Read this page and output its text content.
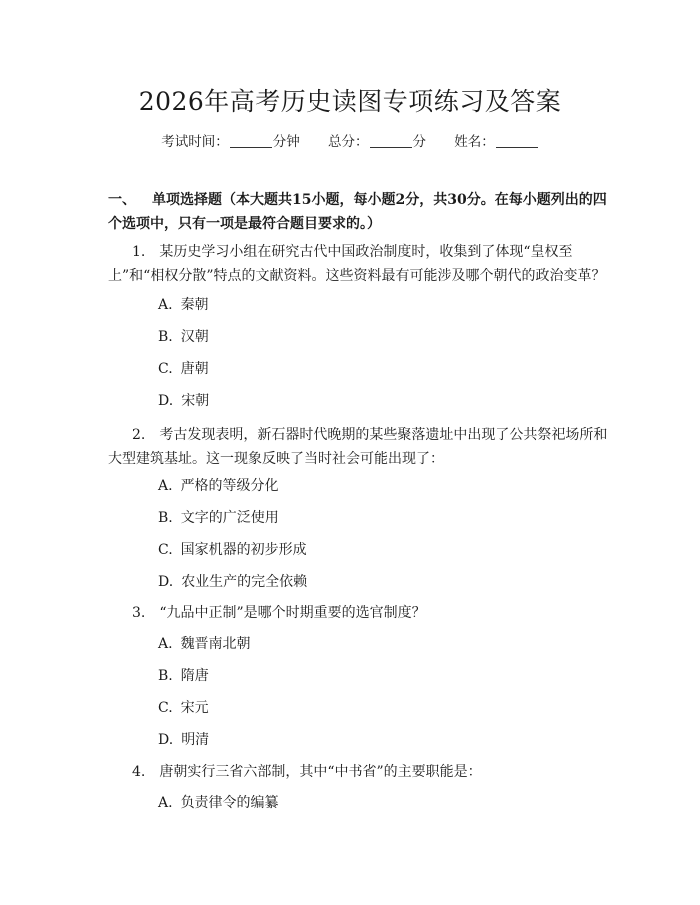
2026年高考历史读图专项练习及答案
考试时间：	分钟 总分：	分 姓名：
一、 单项选择题（本大题共15小题，每小题2分，共30分。在每小题列出的四个选项中，只有一项是最符合题目要求的。）
1. 某历史学习小组在研究古代中国政治制度时，收集到了体现“皇权至上”和“相权分散”特点的文献资料。这些资料最有可能涉及哪个朝代的政治变革？
A. 秦朝
B. 汉朝
C. 唐朝
D. 宋朝
2. 考古发现表明，新石器时代晚期的某些聚落遗址中出现了公共祭祀场所和大型建筑基址。这一现象反映了当时社会可能出现了：
A. 严格的等级分化
B. 文字的广泛使用
C. 国家机器的初步形成
D. 农业生产的完全依赖
3. “九品中正制”是哪个时期重要的选官制度？
A. 魏晋南北朝
B. 隋唐
C. 宋元
D. 明清
4. 唐朝实行三省六部制，其中“中书省”的主要职能是：
A. 负责律令的编纂
